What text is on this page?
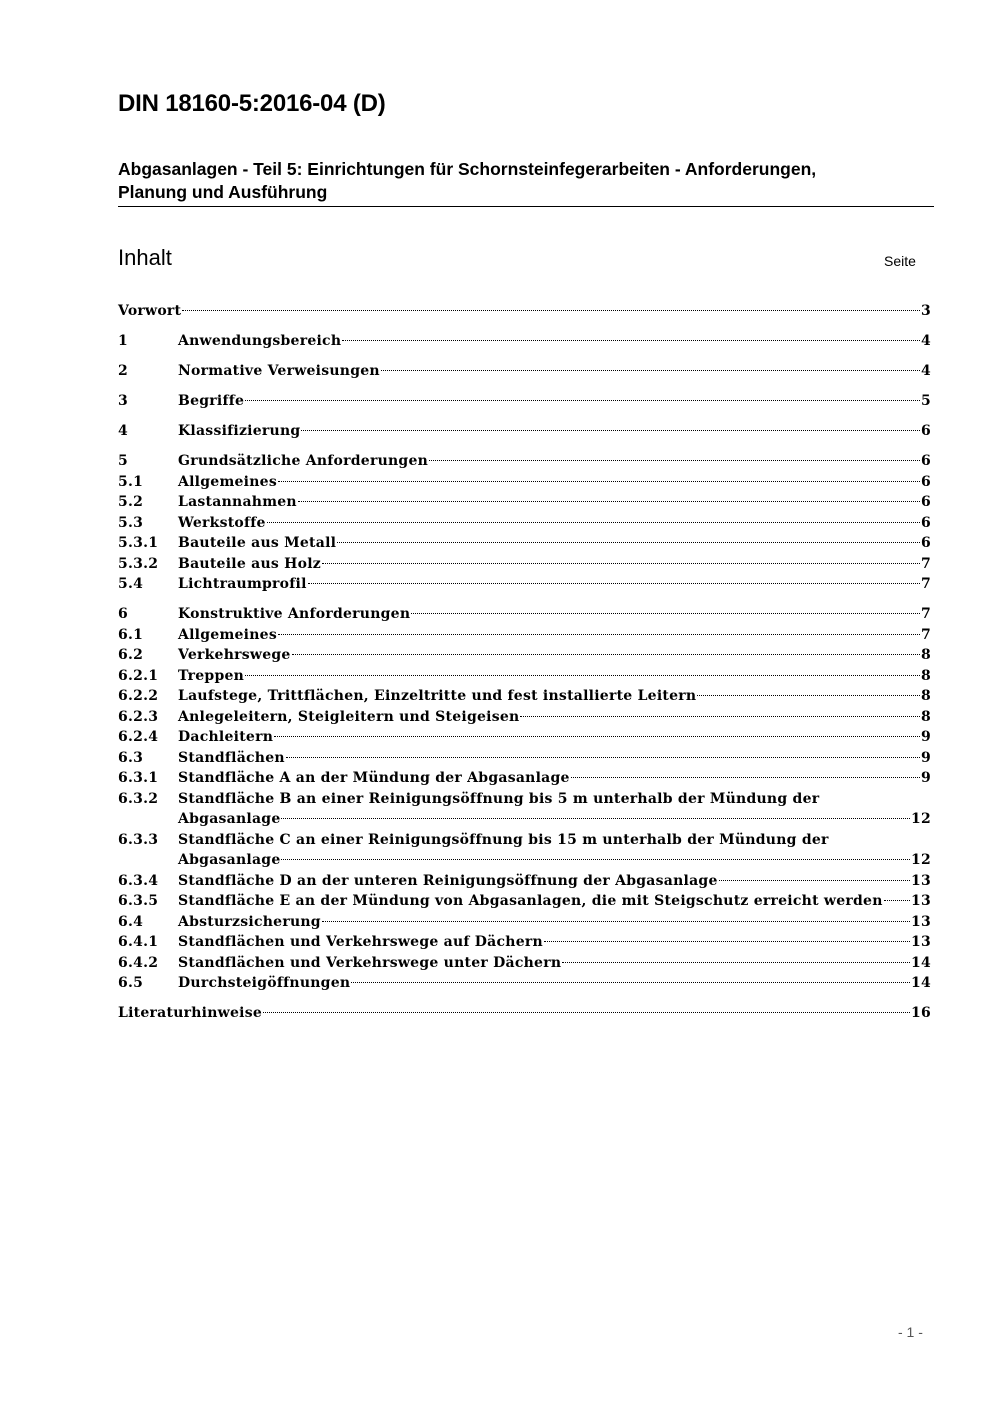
DIN 18160-5:2016-04 (D)
Abgasanlagen - Teil 5: Einrichtungen für Schornsteinfegerarbeiten - Anforderungen,
Planung und Ausführung
Inhalt	Seite
Vorwort	3
1	Anwendungsbereich	4
2	Normative Verweisungen	4
3	Begriffe	5
4	Klassifizierung	6
5	Grundsätzliche Anforderungen	6
5.1	Allgemeines	6
5.2	Lastannahmen	6
5.3	Werkstoffe	6
5.3.1	Bauteile aus Metall	6
5.3.2	Bauteile aus Holz	7
5.4	Lichtraumprofil	7
6	Konstruktive Anforderungen	7
6.1	Allgemeines	7
6.2	Verkehrswege	8
6.2.1	Treppen	8
6.2.2	Laufstege, Trittflächen, Einzeltritte und fest installierte Leitern	8
6.2.3	Anlegeleitern, Steigleitern und Steigeisen	8
6.2.4	Dachleitern	9
6.3	Standflächen	9
6.3.1	Standfläche A an der Mündung der Abgasanlage	9
6.3.2	Standfläche B an einer Reinigungsöffnung bis 5 m unterhalb der Mündung der
Abgasanlage	12
6.3.3	Standfläche C an einer Reinigungsöffnung bis 15 m unterhalb der Mündung der
Abgasanlage	12
6.3.4	Standfläche D an der unteren Reinigungsöffnung der Abgasanlage	13
6.3.5	Standfläche E an der Mündung von Abgasanlagen, die mit Steigschutz erreicht werden 13
6.4	Absturzsicherung	13
6.4.1	Standflächen und Verkehrswege auf Dächern	13
6.4.2	Standflächen und Verkehrswege unter Dächern	14
6.5	Durchsteigöffnungen	14
Literaturhinweise	16
- 1 -
